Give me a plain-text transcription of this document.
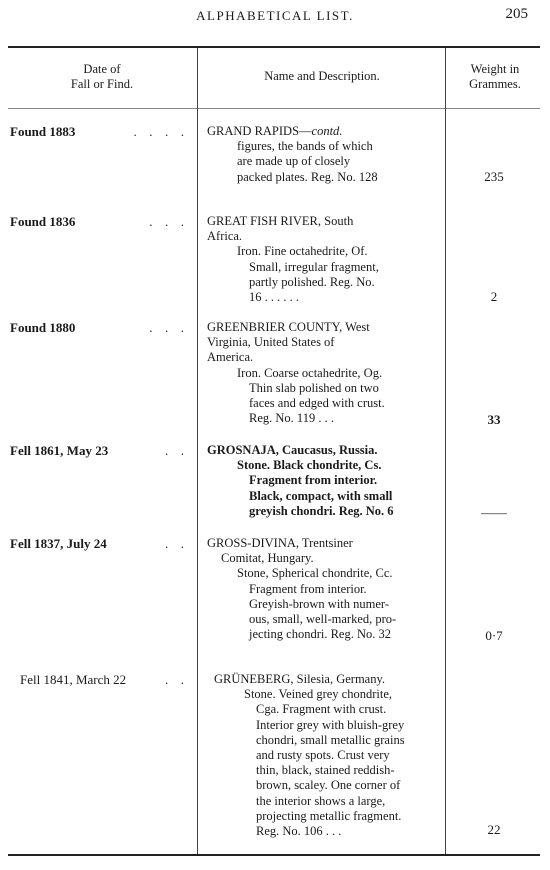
ALPHABETICAL LIST.	205
Date of
Fall or Find.
Name and Description.	Weight in
Grammes.
Found 1883	.  .  .  . GRAND RAPIDS—contd.
figures, the bands of which
are made up of closely
packed plates. Reg. No. 128	235
Found 1836	.  .  . GREAT FISH RIVER, South
Africa.
Iron. Fine octahedrite, Of.
Small, irregular fragment,
partly polished. Reg. No.
16 . . . . . .	2
Found 1880	.  .  . GREENBRIER COUNTY, West
Virginia, United States of
America.
Iron. Coarse octahedrite, Og.
Thin slab polished on two
faces and edged with crust.
Reg. No. 119 . . .	33
Fell 1861, May 23	.  . GROSNAJA, Caucasus, Russia.
Stone. Black chondrite, Cs.
Fragment from interior.
Black, compact, with small
greyish chondri. Reg. No. 6	——
Fell 1837, July 24	.  . GROSS-DIVINA, Trentsiner
Comitat, Hungary.
Stone, Spherical chondrite, Cc.
Fragment from interior.
Greyish-brown with numer-
ous, small, well-marked, pro-
jecting chondri. Reg. No. 32	0·7
Fell 1841, March 22	.  . GRÜNEBERG, Silesia, Germany.
Stone. Veined grey chondrite,
Cga. Fragment with crust.
Interior grey with bluish-grey
chondri, small metallic grains
and rusty spots. Crust very
thin, black, stained reddish-
brown, scaley. One corner of
the interior shows a large,
projecting metallic fragment.
Reg. No. 106 . . .	22
